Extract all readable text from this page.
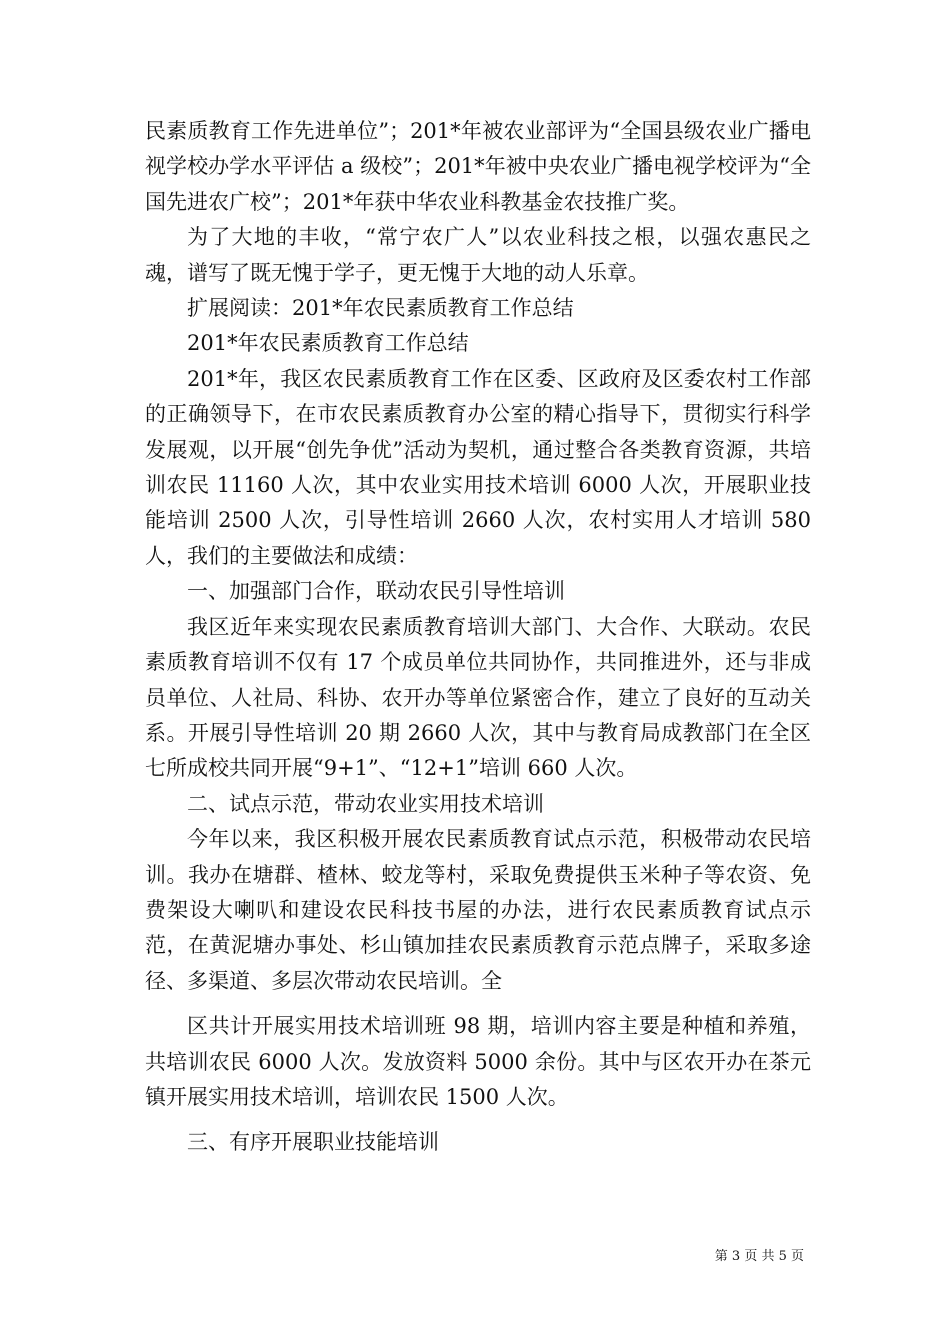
民素质教育工作先进单位”；201*年被农业部评为“全国县级农业广播电视学校办学水平评估 a 级校”；201*年被中央农业广播电视学校评为“全国先进农广校”；201*年获中华农业科教基金农技推广奖。

为了大地的丰收，“常宁农广人”以农业科技之根，以强农惠民之魂，谱写了既无愧于学子，更无愧于大地的动人乐章。

扩展阅读：201*年农民素质教育工作总结

201*年农民素质教育工作总结

201*年，我区农民素质教育工作在区委、区政府及区委农村工作部的正确领导下，在市农民素质教育办公室的精心指导下，贯彻实行科学发展观，以开展“创先争优”活动为契机，通过整合各类教育资源，共培训农民 11160 人次，其中农业实用技术培训 6000 人次，开展职业技能培训 2500 人次，引导性培训 2660 人次，农村实用人才培训 580 人，我们的主要做法和成绩：

一、加强部门合作，联动农民引导性培训

我区近年来实现农民素质教育培训大部门、大合作、大联动。农民素质教育培训不仅有 17 个成员单位共同协作，共同推进外，还与非成员单位、人社局、科协、农开办等单位紧密合作，建立了良好的互动关系。开展引导性培训 20 期 2660 人次，其中与教育局成教部门在全区七所成校共同开展“9+1”、“12+1”培训 660 人次。

二、试点示范，带动农业实用技术培训

今年以来，我区积极开展农民素质教育试点示范，积极带动农民培训。我办在塘群、楂林、蛟龙等村，采取免费提供玉米种子等农资、免费架设大喇叭和建设农民科技书屋的办法，进行农民素质教育试点示范，在黄泥塘办事处、杉山镇加挂农民素质教育示范点牌子，采取多途径、多渠道、多层次带动农民培训。全

区共计开展实用技术培训班 98 期，培训内容主要是种植和养殖，共培训农民 6000 人次。发放资料 5000 余份。其中与区农开办在茶元镇开展实用技术培训，培训农民 1500 人次。

三、有序开展职业技能培训

第 3 页 共 5 页
